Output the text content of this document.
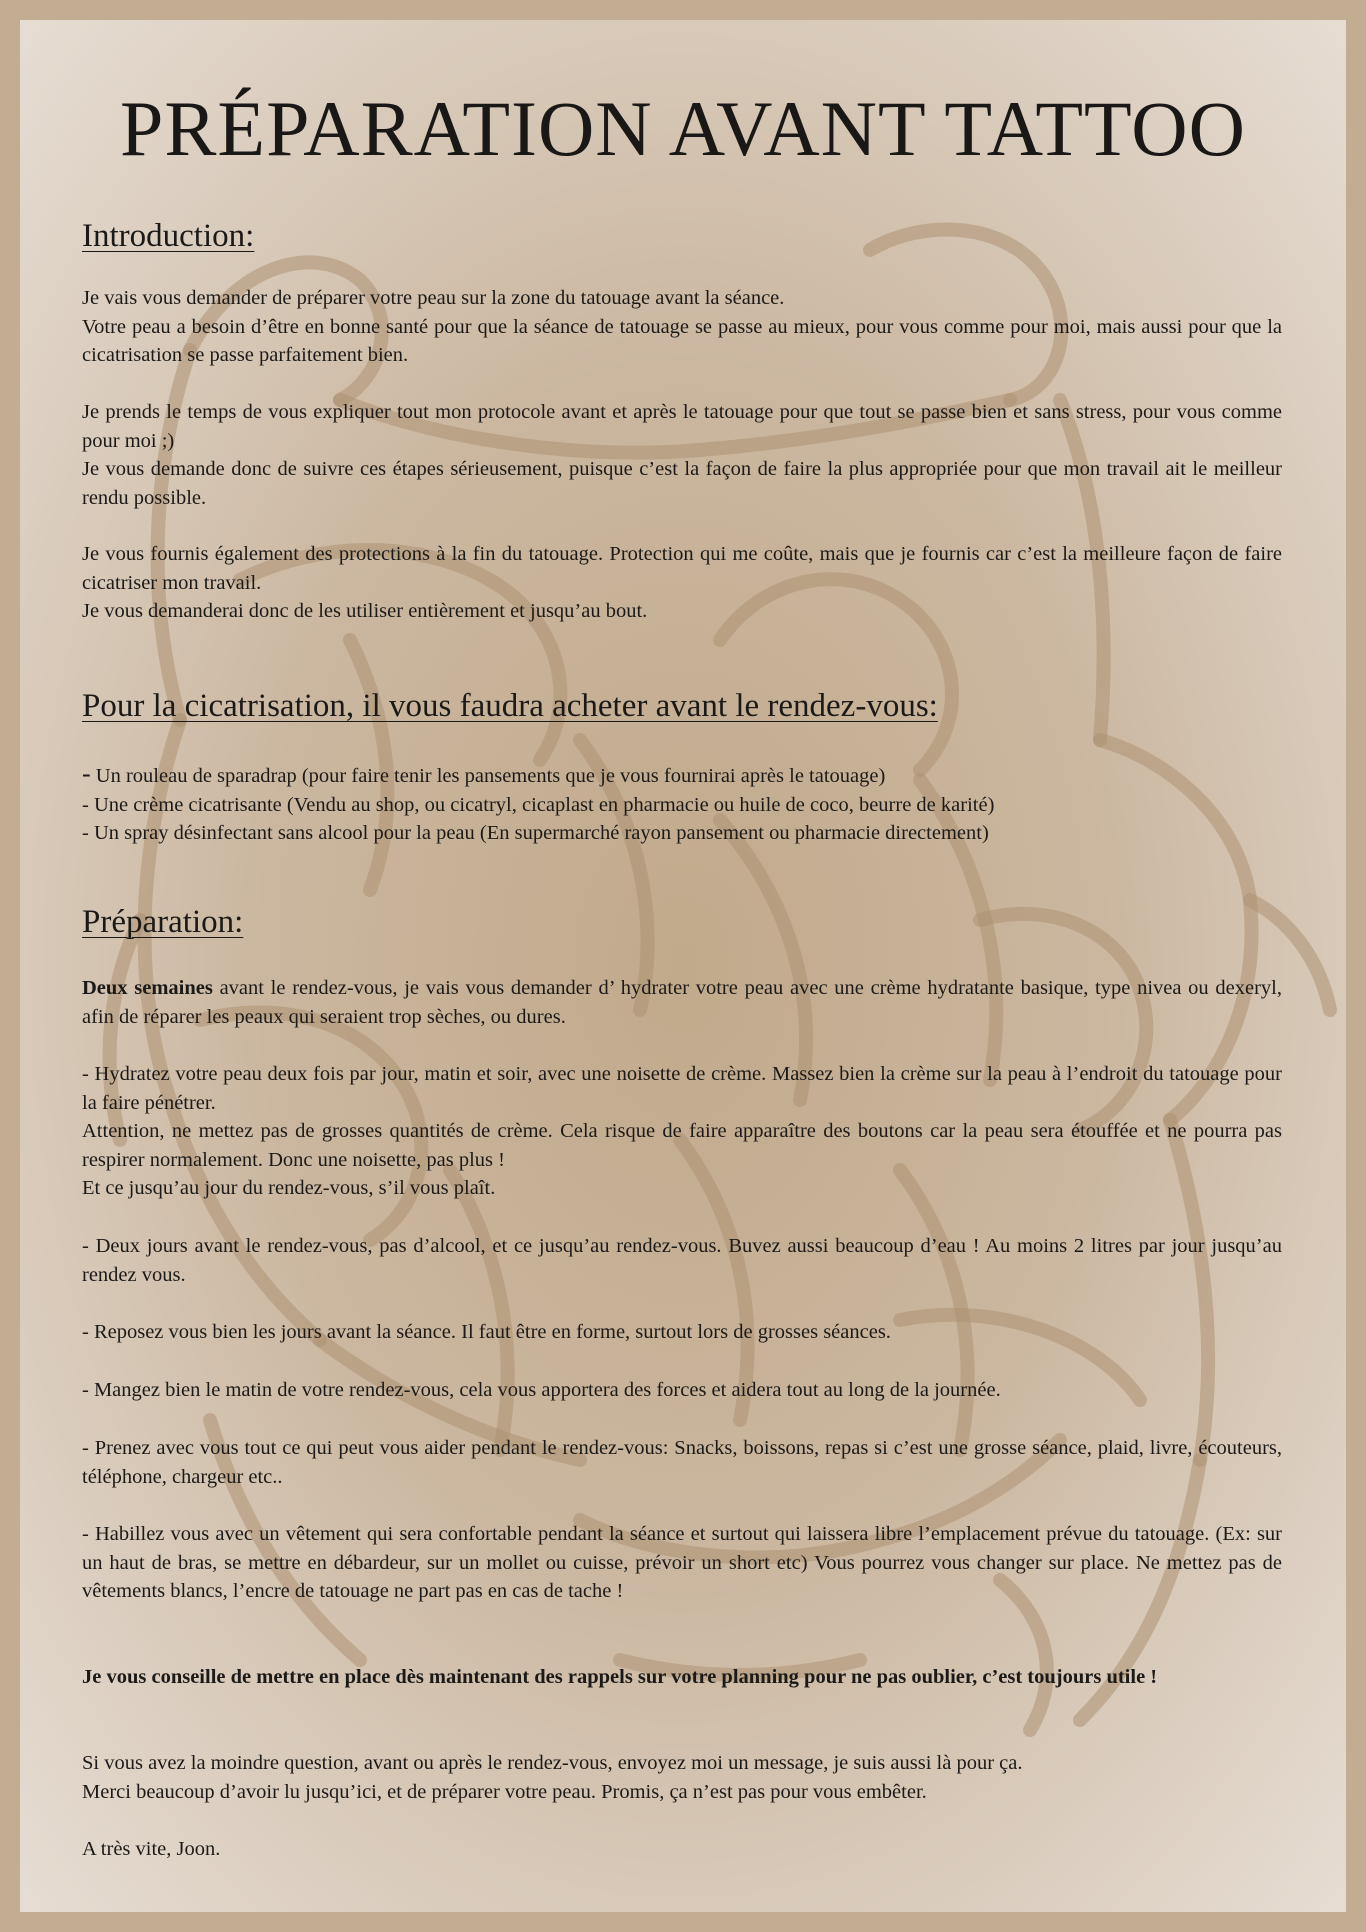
PRÉPARATION AVANT TATTOO
Introduction:

Je vais vous demander de préparer votre peau sur la zone du tatouage avant la séance.

Votre peau a besoin d’être en bonne santé pour que la séance de tatouage se passe au mieux, pour vous comme pour moi, mais aussi pour que la cicatrisation se passe parfaitement bien.

Je prends le temps de vous expliquer tout mon protocole avant et après le tatouage pour que tout se passe bien et sans stress, pour vous comme pour moi ;)

Je vous demande donc de suivre ces étapes sérieusement, puisque c’est la façon de faire la plus appropriée pour que mon travail ait le meilleur rendu possible.

Je vous fournis également des protections à la fin du tatouage. Protection qui me coûte, mais que je fournis car c’est la meilleure façon de faire cicatriser mon travail.

Je vous demanderai donc de les utiliser entièrement et jusqu’au bout.

Pour la cicatrisation, il vous faudra acheter avant le rendez-vous:
- Un rouleau de sparadrap (pour faire tenir les pansements que je vous fournirai après le tatouage)
- Une crème cicatrisante (Vendu au shop, ou cicatryl, cicaplast en pharmacie ou huile de coco, beurre de karité)
- Un spray désinfectant sans alcool pour la peau (En supermarché rayon pansement ou pharmacie directement)
Préparation:

Deux semaines avant le rendez-vous, je vais vous demander d’ hydrater votre peau avec une crème hydratante basique, type nivea ou dexeryl, afin de réparer les peaux qui seraient trop sèches, ou dures.

- Hydratez votre peau deux fois par jour, matin et soir, avec une noisette de crème. Massez bien la crème sur la peau à l’endroit du tatouage pour la faire pénétrer.

Attention, ne mettez pas de grosses quantités de crème. Cela risque de faire apparaître des boutons car la peau sera étouffée et ne pourra pas respirer normalement. Donc une noisette, pas plus !

Et ce jusqu’au jour du rendez-vous, s’il vous plaît.

- Deux jours avant le rendez-vous, pas d’alcool, et ce jusqu’au rendez-vous. Buvez aussi beaucoup d’eau ! Au moins 2 litres par jour jusqu’au rendez vous.
- Reposez vous bien les jours avant la séance. Il faut être en forme, surtout lors de grosses séances.
- Mangez bien le matin de votre rendez-vous, cela vous apportera des forces et aidera tout au long de la journée.
- Prenez avec vous tout ce qui peut vous aider pendant le rendez-vous: Snacks, boissons, repas si c’est une grosse séance, plaid, livre, écouteurs, téléphone, chargeur etc..
- Habillez vous avec un vêtement qui sera confortable pendant la séance et surtout qui laissera libre l’emplacement prévue du tatouage. (Ex: sur un haut de bras, se mettre en débardeur, sur un mollet ou cuisse, prévoir un short etc) Vous pourrez vous changer sur place. Ne mettez pas de vêtements blancs, l’encre de tatouage ne part pas en cas de tache !

Je vous conseille de mettre en place dès maintenant des rappels sur votre planning pour ne pas oublier, c’est toujours utile !

Si vous avez la moindre question, avant ou après le rendez-vous, envoyez moi un message, je suis aussi là pour ça.

Merci beaucoup d’avoir lu jusqu’ici, et de préparer votre peau. Promis, ça n’est pas pour vous embêter.

A très vite, Joon.
